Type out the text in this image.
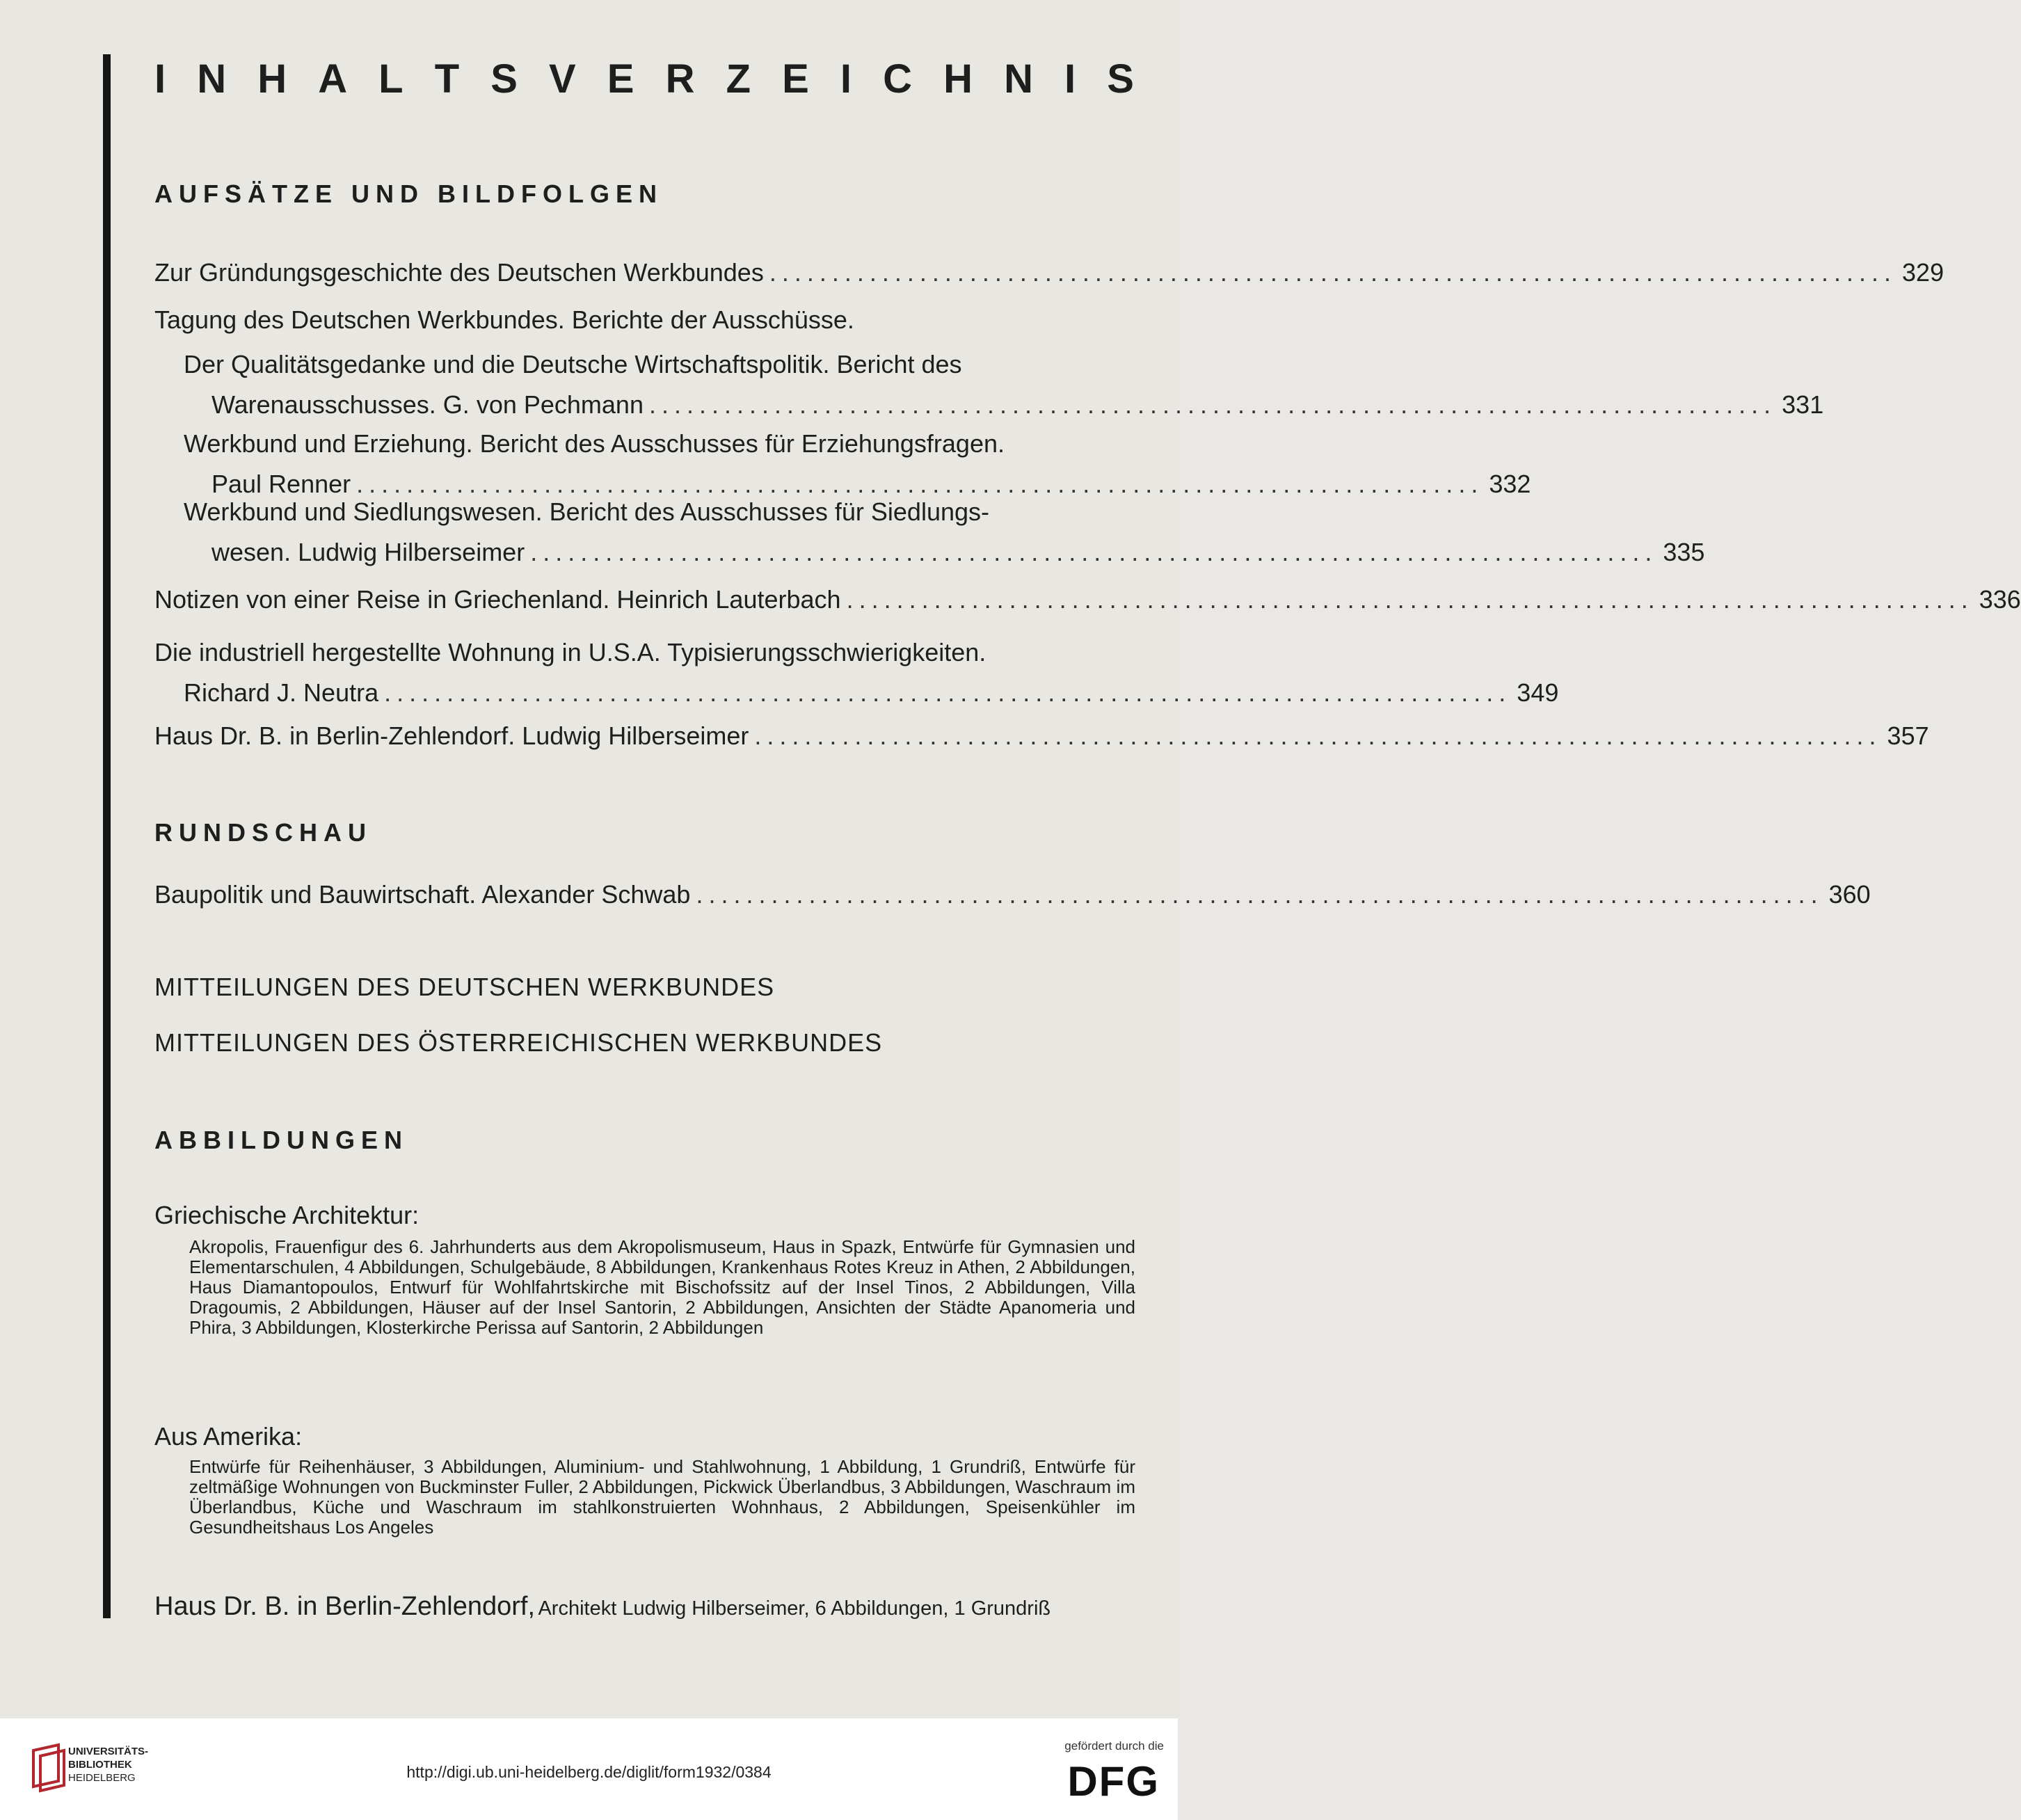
I N H A L T S V E R Z E I C H N I S
AUFSÄTZE UND BILDFOLGEN
Zur Gründungsgeschichte des Deutschen Werkbundes .......................................................................................... 329
Tagung des Deutschen Werkbundes. Berichte der Ausschüsse.
Der Qualitätsgedanke und die Deutsche Wirtschaftspolitik. Bericht des
Warenausschusses. G. von Pechmann .......................................................................................... 331
Werkbund und Erziehung. Bericht des Ausschusses für Erziehungsfragen.
Paul Renner .......................................................................................... 332
Werkbund und Siedlungswesen. Bericht des Ausschusses für Siedlungs-
wesen. Ludwig Hilberseimer .......................................................................................... 335
Notizen von einer Reise in Griechenland. Heinrich Lauterbach .......................................................................................... 336
Die industriell hergestellte Wohnung in U.S.A. Typisierungsschwierigkeiten.
Richard J. Neutra .......................................................................................... 349
Haus Dr. B. in Berlin-Zehlendorf. Ludwig Hilberseimer .......................................................................................... 357
RUNDSCHAU
Baupolitik und Bauwirtschaft. Alexander Schwab .......................................................................................... 360
MITTEILUNGEN DES DEUTSCHEN WERKBUNDES
MITTEILUNGEN DES ÖSTERREICHISCHEN WERKBUNDES
ABBILDUNGEN
Griechische Architektur:
Akropolis, Frauenfigur des 6. Jahrhunderts aus dem Akropolismuseum, Haus in Spazk, Entwürfe für Gymnasien und Elementarschulen, 4 Abbildungen, Schulgebäude, 8 Abbildungen, Krankenhaus Rotes Kreuz in Athen, 2 Abbildungen, Haus Diamantopoulos, Entwurf für Wohlfahrtskirche mit Bischofssitz auf der Insel Tinos, 2 Abbildungen, Villa Dragoumis, 2 Abbildungen, Häuser auf der Insel Santorin, 2 Abbildungen, Ansichten der Städte Apanomeria und Phira, 3 Abbildungen, Klosterkirche Perissa auf Santorin, 2 Abbildungen
Aus Amerika:
Entwürfe für Reihenhäuser, 3 Abbildungen, Aluminium- und Stahlwohnung, 1 Abbildung, 1 Grundriß, Entwürfe für zeltmäßige Wohnungen von Buckminster Fuller, 2 Abbildungen, Pickwick Überlandbus, 3 Abbildungen, Waschraum im Überlandbus, Küche und Waschraum im stahlkonstruierten Wohnhaus, 2 Abbildungen, Speisenkühler im Gesundheitshaus Los Angeles
Haus Dr. B. in Berlin-Zehlendorf, Architekt Ludwig Hilberseimer, 6 Abbildungen, 1 Grundriß
UNIVERSITÄTS-
BIBLIOTHEK
HEIDELBERG	http://digi.ub.uni-heidelberg.de/diglit/form1932/0384
gefördert durch die
DFG
